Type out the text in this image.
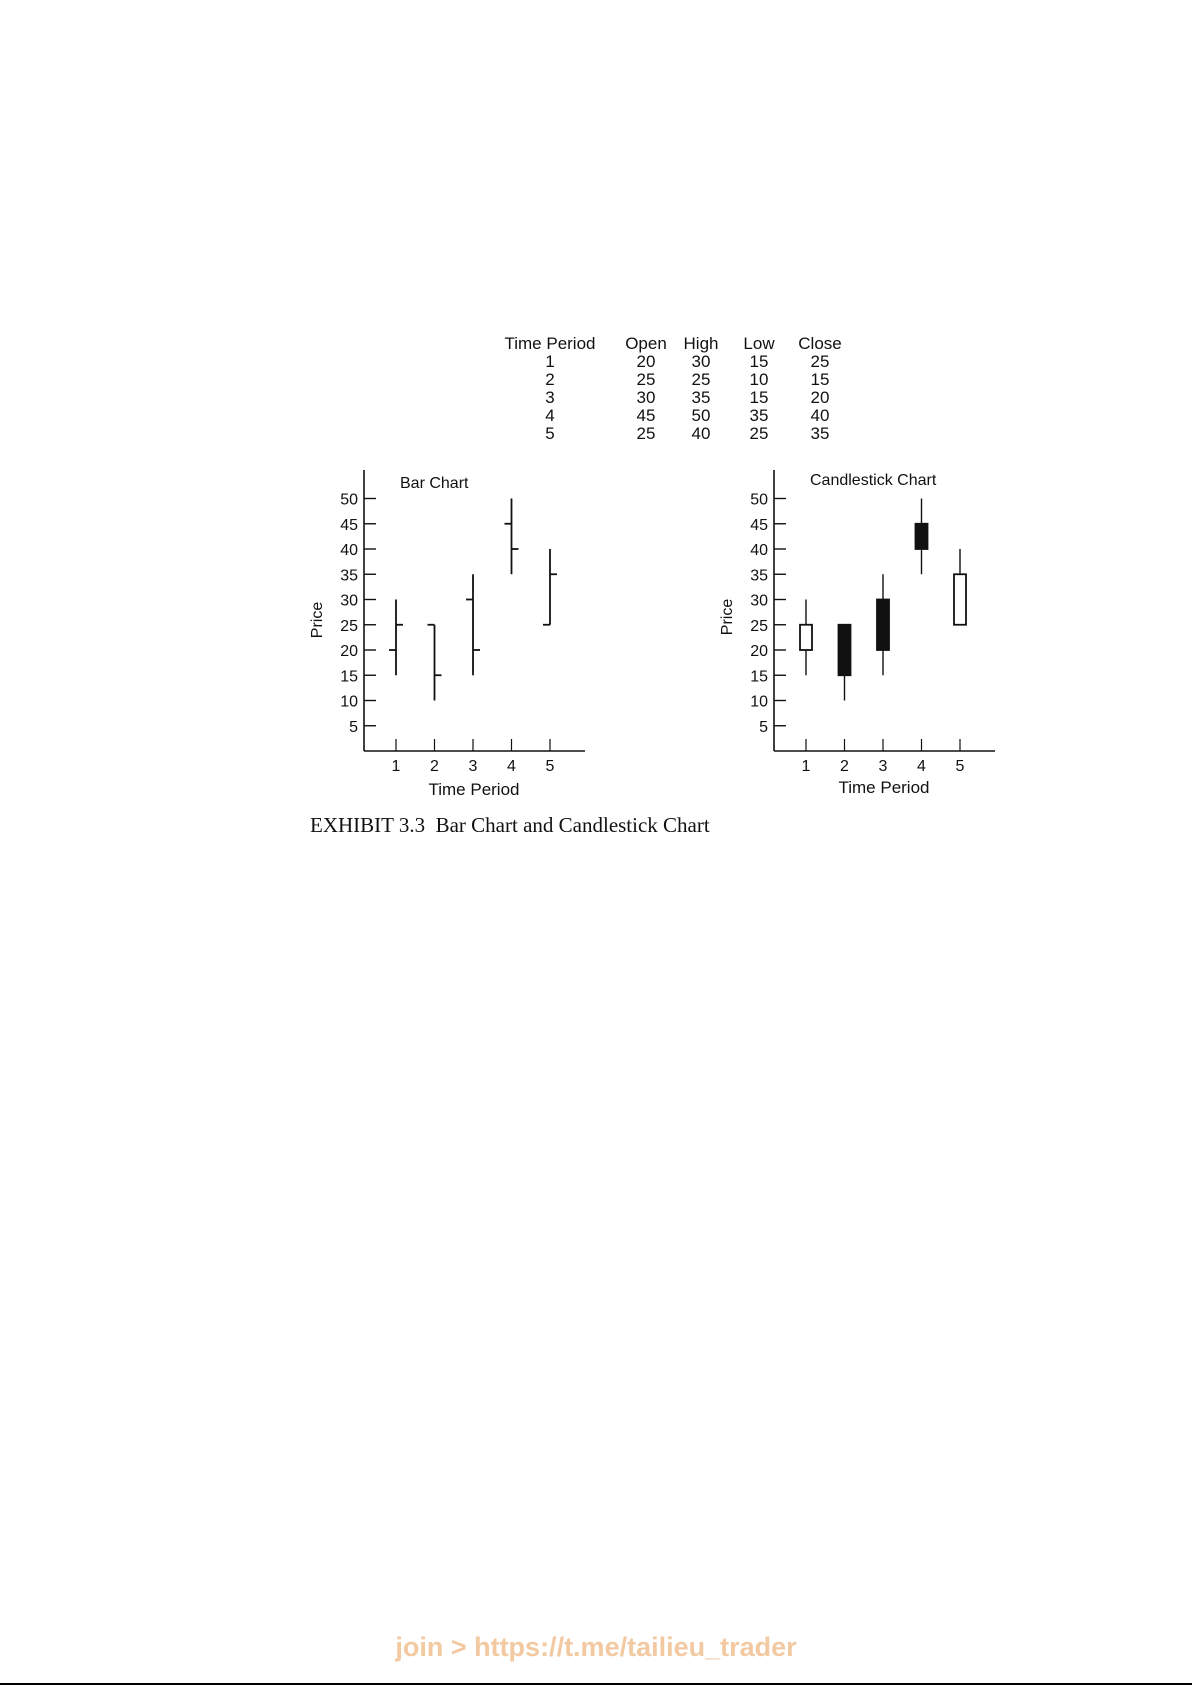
Time Period	Open	High	Low	Close
1	20	30	15	25
2	25	25	10	15
3	30	35	15	20
4	45	50	35	40
5	25	40	25	35
Bar Chart
Price
Time Period
5
10
15
20
25
30
35
40
45
50
1 2 3 4 5
Candlestick Chart
Price
Time Period
5
10
15
20
25
30
35
40
45
50
1 2 3 4 5
EXHIBIT 3.3 Bar Chart and Candlestick Chart
join > https://t.me/tailieu_trader
